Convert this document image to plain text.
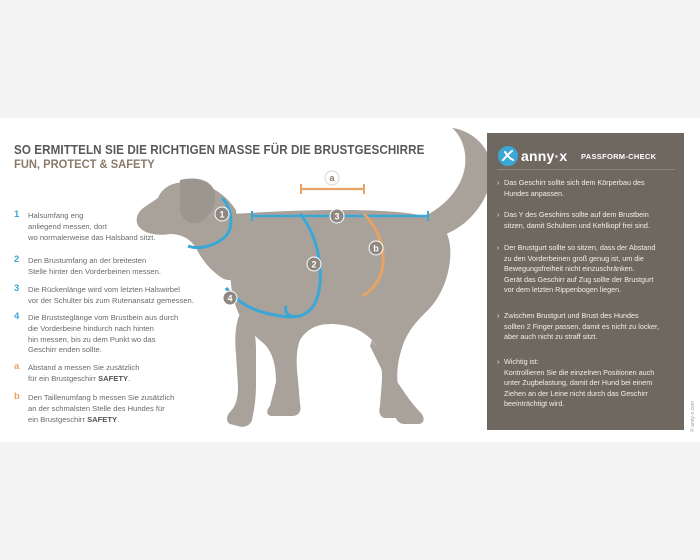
SO ERMITTELN SIE DIE RICHTIGEN MASSE FÜR DIE BRUSTGESCHIRRE
FUN, PROTECT & SAFETY
1
2
3
4
a
b
1 Halsumfang eng
anliegend messen, dort
wo normalerweise das Halsband sitzt.
2 Den Brustumfang an der breitesten
Stelle hinter den Vorderbeinen messen.
3 Die Rückenlänge wird vom letzten Halswirbel
vor der Schulter bis zum Rutenansatz gemessen.
4 Die Bruststeglänge vom Brustbein aus durch
die Vorderbeine hindurch nach hinten
hin messen, bis zu dem Punkt wo das
Geschirr enden sollte.
a Abstand a messen Sie zusätzlich
für ein Brustgeschirr SAFETY.
b Den Taillenumfang b messen Sie zusätzlich
an der schmalsten Stelle des Hundes für
ein Brustgeschirr SAFETY.
anny·x PASSFORM-CHECK
› Das Geschirr sollte sich dem Körperbau des
Hundes anpassen.
› Das Y des Geschirrs sollte auf dem Brustbein
sitzen, damit Schultern und Kehlkopf frei sind.
› Der Brustgurt sollte so sitzen, dass der Abstand
zu den Vorderbeinen groß genug ist, um die
Bewegungsfreiheit nicht einzuschränken.
Gerät das Geschirr auf Zug sollte der Brustgurt
vor dem letzten Rippenbogen liegen.
› Zwischen Brustgurt und Brust des Hundes
sollten 2 Finger passen, damit es nicht zu locker,
aber auch nicht zu straff sitzt.
› Wichtig ist:
Kontrollieren Sie die einzelnen Positionen auch
unter Zugbelastung, damit der Hund bei einem
Ziehen an der Leine nicht durch das Geschirr
beeinträchtigt wird.	© anny-x.com
